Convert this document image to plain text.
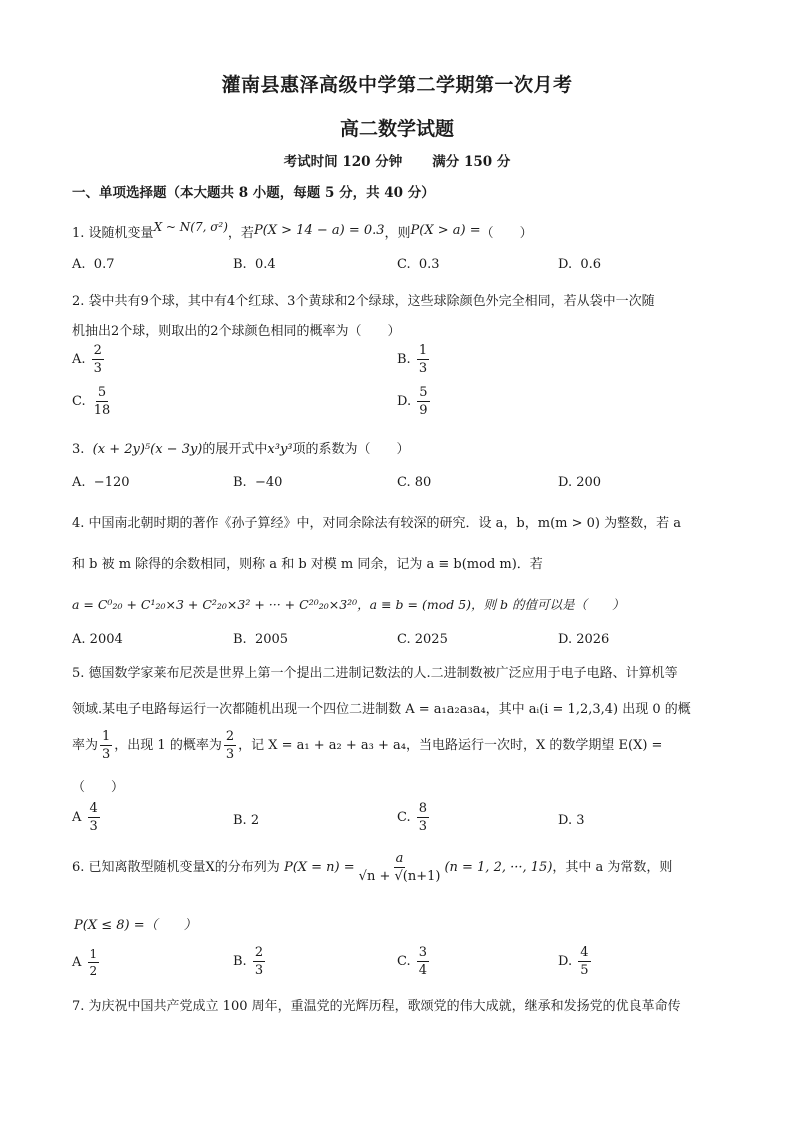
灌南县惠泽高级中学第二学期第一次月考
高二数学试题
考试时间 120 分钟 满分 150 分
一、单项选择题（本大题共 8 小题，每题 5 分，共 40 分）
1. 设随机变量X ~ N(7, σ²)，若P(X > 14 − a) = 0.3，则P(X > a) =（　　）
A. 0.7	B. 0.4	C. 0.3	D. 0.6
2. 袋中共有9个球，其中有4个红球、3个黄球和2个绿球，这些球除颜色外完全相同，若从袋中一次随
机抽出2个球，则取出的2个球颜色相同的概率为（　　）
A. $\frac{2}{3}$	B. $\frac{1}{3}$
C. $\frac{5}{18}$	D. $\frac{5}{9}$
3. (x + 2y)⁵(x − 3y)的展开式中x³y³项的系数为（　　）
A. −120	B. −40	C. 80	D. 200
4. 中国南北朝时期的著作《孙子算经》中，对同余除法有较深的研究．设 a，b，m(m > 0) 为整数，若 a
和 b 被 m 除得的余数相同，则称 a 和 b 对模 m 同余，记为 a ≡ b(mod m)．若
a = C⁰₂₀ + C¹₂₀×3 + C²₂₀×3² + ··· + C²⁰₂₀×3²⁰，a ≡ b = (mod 5)，则 b 的值可以是（　　）
A. 2004	B. 2005	C. 2025	D. 2026
5. 德国数学家莱布尼茨是世界上第一个提出二进制记数法的人.二进制数被广泛应用于电子电路、计算机等
领域.某电子电路每运行一次都随机出现一个四位二进制数 A = a₁a₂a₃a₄，其中 aᵢ(i = 1,2,3,4) 出现 0 的概
率为 $\frac{1}{3}$ ，出现 1 的概率为 $\frac{2}{3}$ ，记 X = a₁ + a₂ + a₃ + a₄，当电路运行一次时，X 的数学期望 E(X) =
（　　）
A $\frac{4}{3}$	B. 2	C. $\frac{8}{3}$	D. 3
6. 已知离散型随机变量X的分布列为 $P(X = n) = \frac{a}{√n + √(n+1)} (n = 1$, 2, ···, 15)，其中 a 为常数，则
P(X ≤ 8) =（　　）
A $\frac{1}{2}$	B. $\frac{2}{3}$	C. $\frac{3}{4}$	D. $\frac{4}{5}$
7. 为庆祝中国共产党成立 100 周年，重温党的光辉历程，歌颂党的伟大成就，继承和发扬党的优良革命传
